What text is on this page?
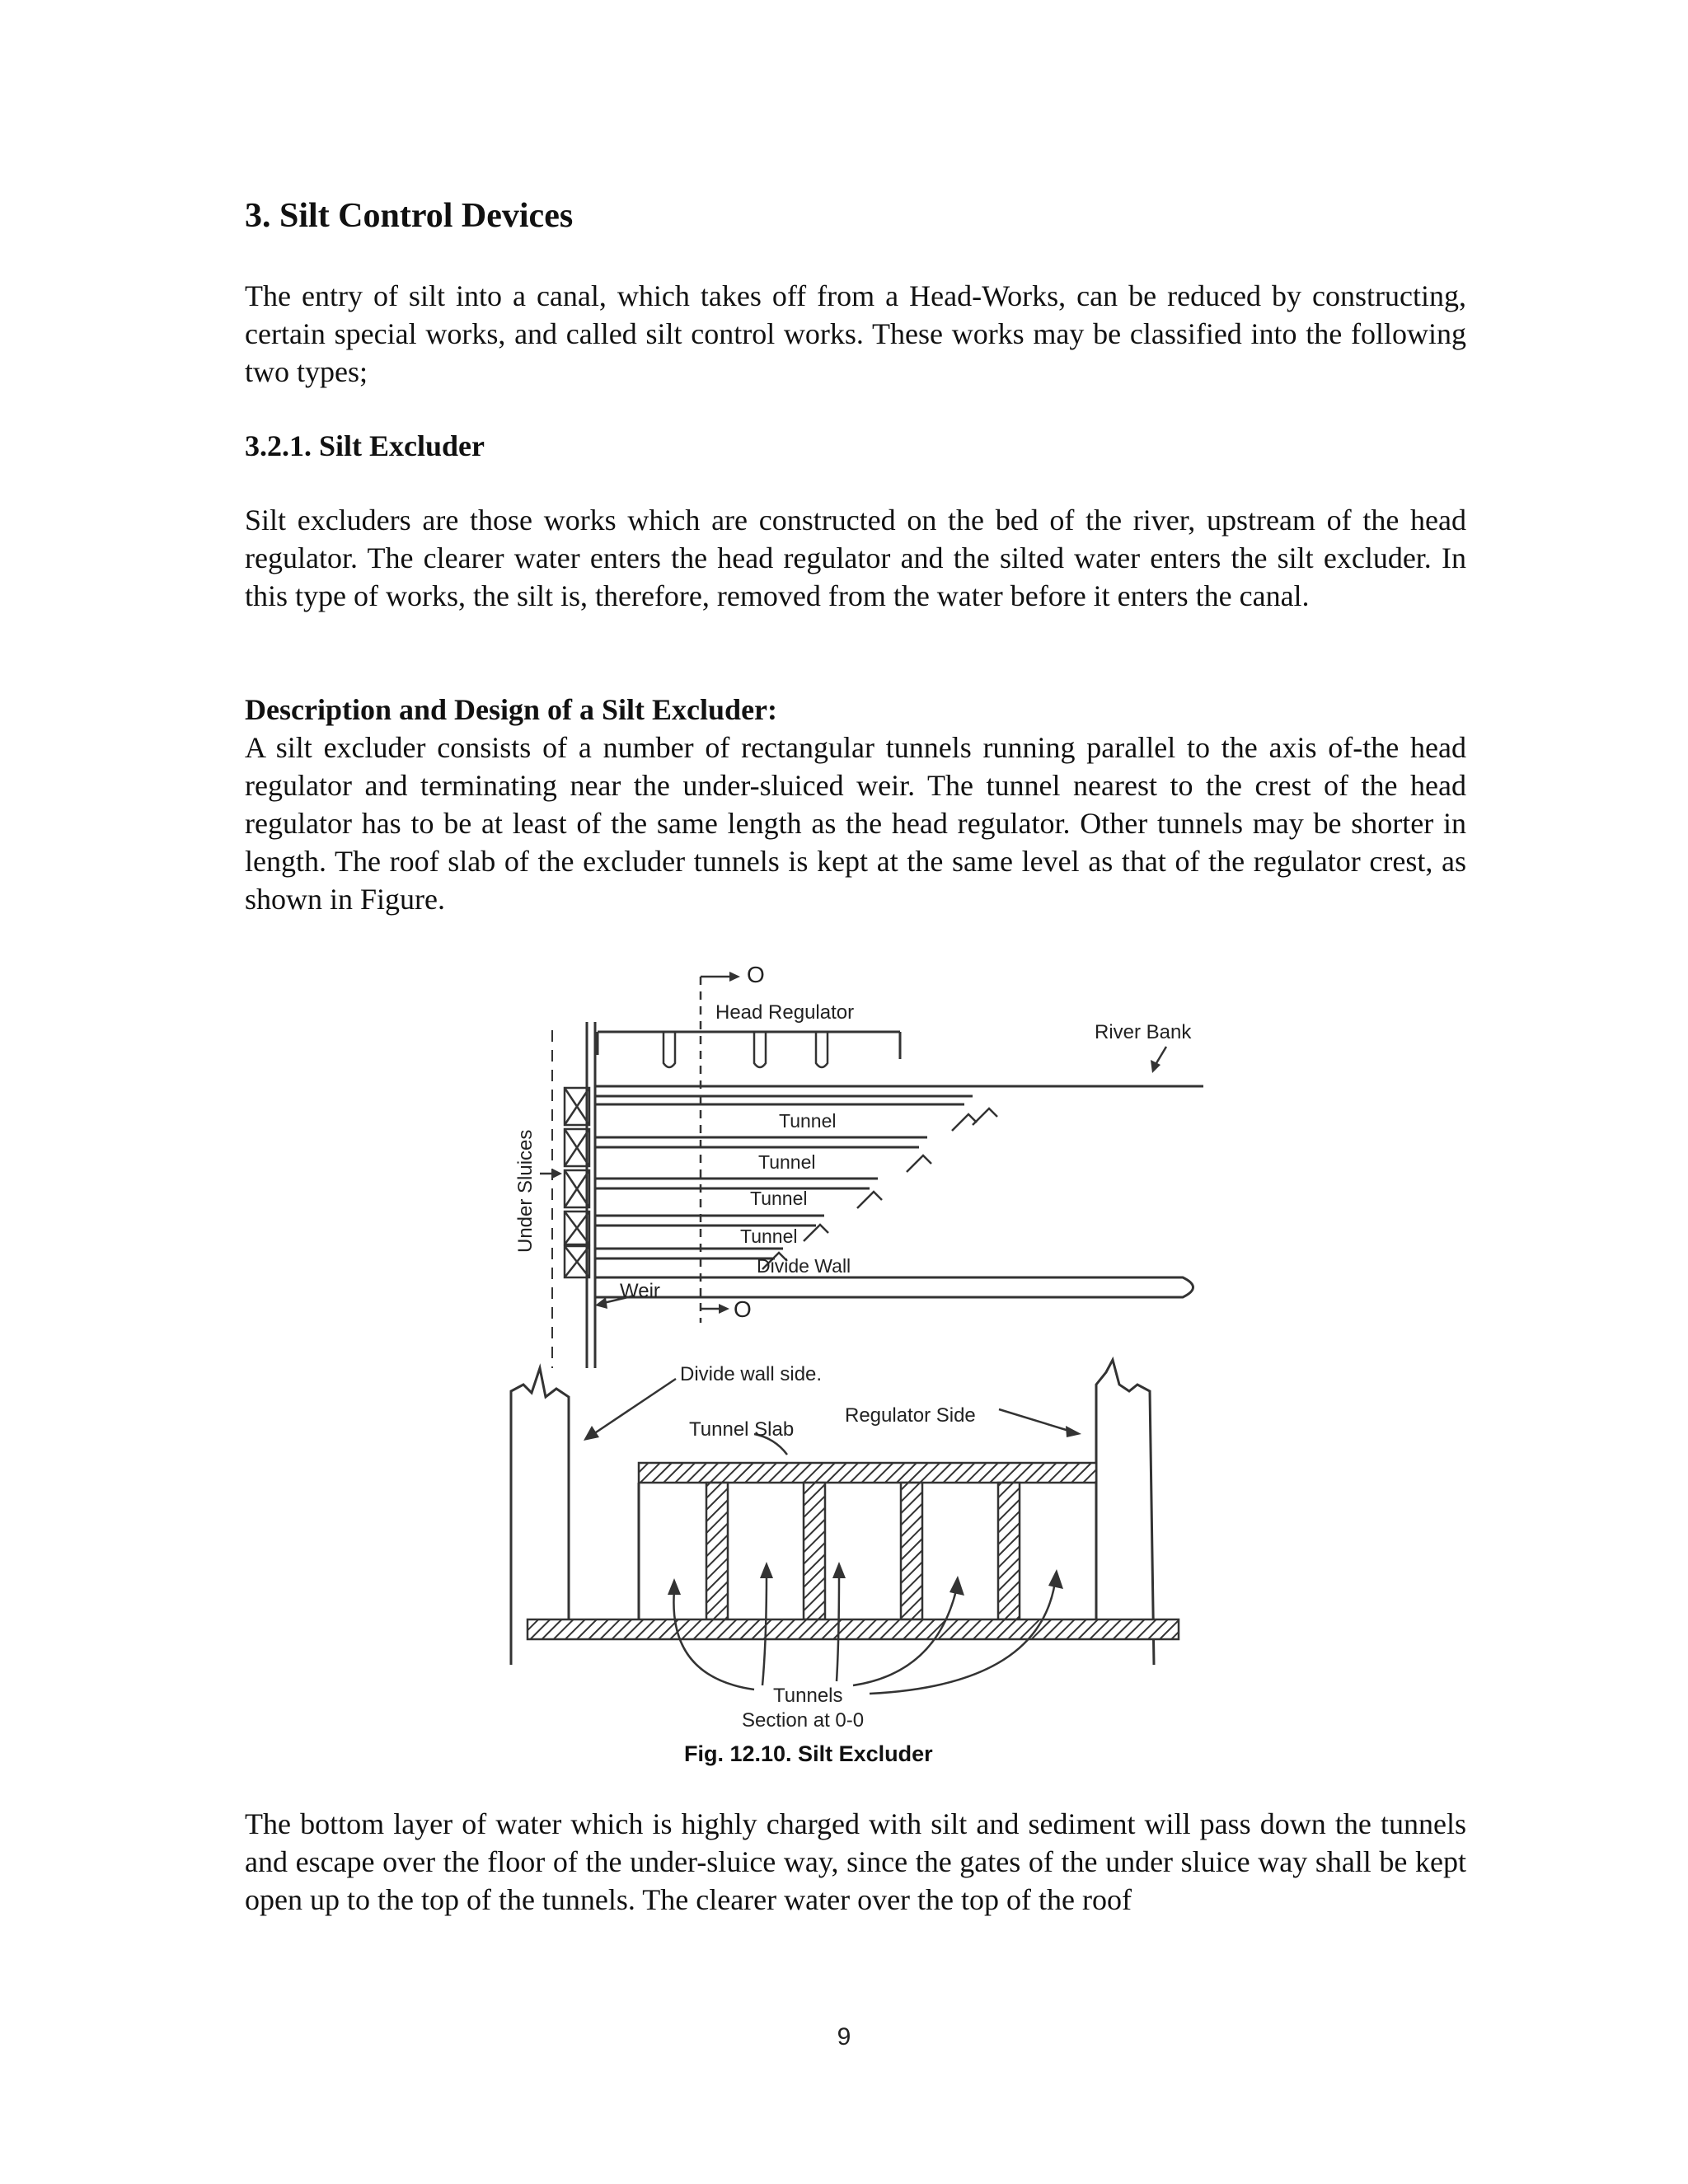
3. Silt Control Devices

The entry of silt into a canal, which takes off from a Head-Works, can be reduced by constructing, certain special works, and called silt control works. These works may be classified into the following two types;

3.2.1. Silt Excluder

Silt excluders are those works which are constructed on the bed of the river, upstream of the head regulator. The clearer water enters the head regulator and the silted water enters the silt excluder. In this type of works, the silt is, therefore, removed from the water before it enters the canal.

Description and Design of a Silt Excluder:

A silt excluder consists of a number of rectangular tunnels running parallel to the axis of-the head regulator and terminating near the under-sluiced weir. The tunnel nearest to the crest of the head regulator has to be at least of the same length as the head regulator. Other tunnels may be shorter in length. The roof slab of the excluder tunnels is kept at the same level as that of the regulator crest, as shown in Figure.

O
O
Head Regulator
River Bank
Tunnel
Tunnel
Tunnel
Tunnel
Divide Wall
Weir
Under Sluices
Divide wall side.
Regulator Side
Tunnel Slab
Tunnels
Section at 0-0
Fig. 12.10. Silt Excluder

The bottom layer of water which is highly charged with silt and sediment will pass down the tunnels and escape over the floor of the under-sluice way, since the gates of the under sluice way shall be kept open up to the top of the tunnels. The clearer water over the top of the roof

9
